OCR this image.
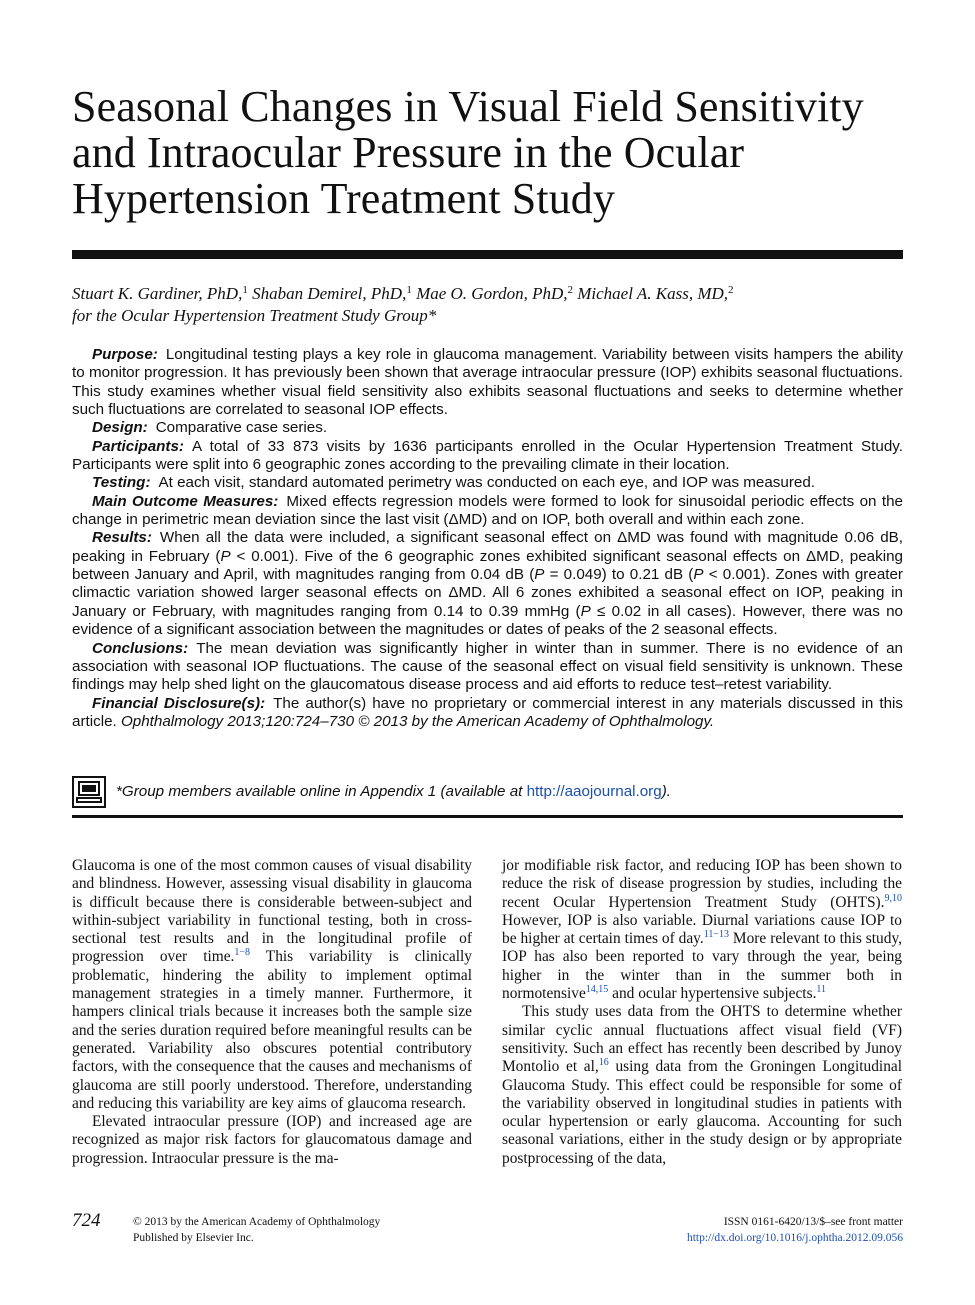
Seasonal Changes in Visual Field Sensitivity
and Intraocular Pressure in the Ocular
Hypertension Treatment Study
Stuart K. Gardiner, PhD,$^1$ Shaban Demirel, PhD,$^1$ Mae O. Gordon, PhD,$^2$ Michael A. Kass, MD,$^2$
for the Ocular Hypertension Treatment Study Group*

Purpose: Longitudinal testing plays a key role in glaucoma management. Variability between visits hampers the ability to monitor progression. It has previously been shown that average intraocular pressure (IOP) exhibits seasonal fluctuations. This study examines whether visual field sensitivity also exhibits seasonal fluctuations and seeks to determine whether such fluctuations are correlated to seasonal IOP effects.

Design: Comparative case series.

Participants: A total of 33 873 visits by 1636 participants enrolled in the Ocular Hypertension Treatment Study. Participants were split into 6 geographic zones according to the prevailing climate in their location.

Testing: At each visit, standard automated perimetry was conducted on each eye, and IOP was measured.

Main Outcome Measures: Mixed effects regression models were formed to look for sinusoidal periodic effects on the change in perimetric mean deviation since the last visit (ΔMD) and on IOP, both overall and within each zone.

Results: When all the data were included, a significant seasonal effect on ΔMD was found with magnitude 0.06 dB, peaking in February (P < 0.001). Five of the 6 geographic zones exhibited significant seasonal effects on ΔMD, peaking between January and April, with magnitudes ranging from 0.04 dB (P = 0.049) to 0.21 dB (P < 0.001). Zones with greater climactic variation showed larger seasonal effects on ΔMD. All 6 zones exhibited a seasonal effect on IOP, peaking in January or February, with magnitudes ranging from 0.14 to 0.39 mmHg (P ≤ 0.02 in all cases). However, there was no evidence of a significant association between the magnitudes or dates of peaks of the 2 seasonal effects.

Conclusions: The mean deviation was significantly higher in winter than in summer. There is no evidence of an association with seasonal IOP fluctuations. The cause of the seasonal effect on visual field sensitivity is unknown. These findings may help shed light on the glaucomatous disease process and aid efforts to reduce test–retest variability.

Financial Disclosure(s): The author(s) have no proprietary or commercial interest in any materials discussed in this article. Ophthalmology 2013;120:724–730 © 2013 by the American Academy of Ophthalmology.

*Group members available online in Appendix 1 (available at http://aaojournal.org).

Glaucoma is one of the most common causes of visual disability and blindness. However, assessing visual disability in glaucoma is difficult because there is considerable between-subject and within-subject variability in functional testing, both in cross-sectional test results and in the longitudinal profile of progression over time.$^{1-8}$ This variability is clinically problematic, hindering the ability to implement optimal management strategies in a timely manner. Furthermore, it hampers clinical trials because it increases both the sample size and the series duration required before meaningful results can be generated. Variability also obscures potential contributory factors, with the consequence that the causes and mechanisms of glaucoma are still poorly understood. Therefore, understanding and reducing this variability are key aims of glaucoma research.

Elevated intraocular pressure (IOP) and increased age are recognized as major risk factors for glaucomatous damage and progression. Intraocular pressure is the ma-

jor modifiable risk factor, and reducing IOP has been shown to reduce the risk of disease progression by studies, including the recent Ocular Hypertension Treatment Study (OHTS).$^{9,10}$ However, IOP is also variable. Diurnal variations cause IOP to be higher at certain times of day.$^{11-13}$ More relevant to this study, IOP has also been reported to vary through the year, being higher in the winter than in the summer both in normotensive$^{14,15}$ and ocular hypertensive subjects.$^{11}$

This study uses data from the OHTS to determine whether similar cyclic annual fluctuations affect visual field (VF) sensitivity. Such an effect has recently been described by Junoy Montolio et al,$^{16}$ using data from the Groningen Longitudinal Glaucoma Study. This effect could be responsible for some of the variability observed in longitudinal studies in patients with ocular hypertension or early glaucoma. Accounting for such seasonal variations, either in the study design or by appropriate postprocessing of the data,

724	© 2013 by the American Academy of Ophthalmology
Published by Elsevier Inc.
ISSN 0161-6420/13/$–see front matter
http://dx.doi.org/10.1016/j.ophtha.2012.09.056
